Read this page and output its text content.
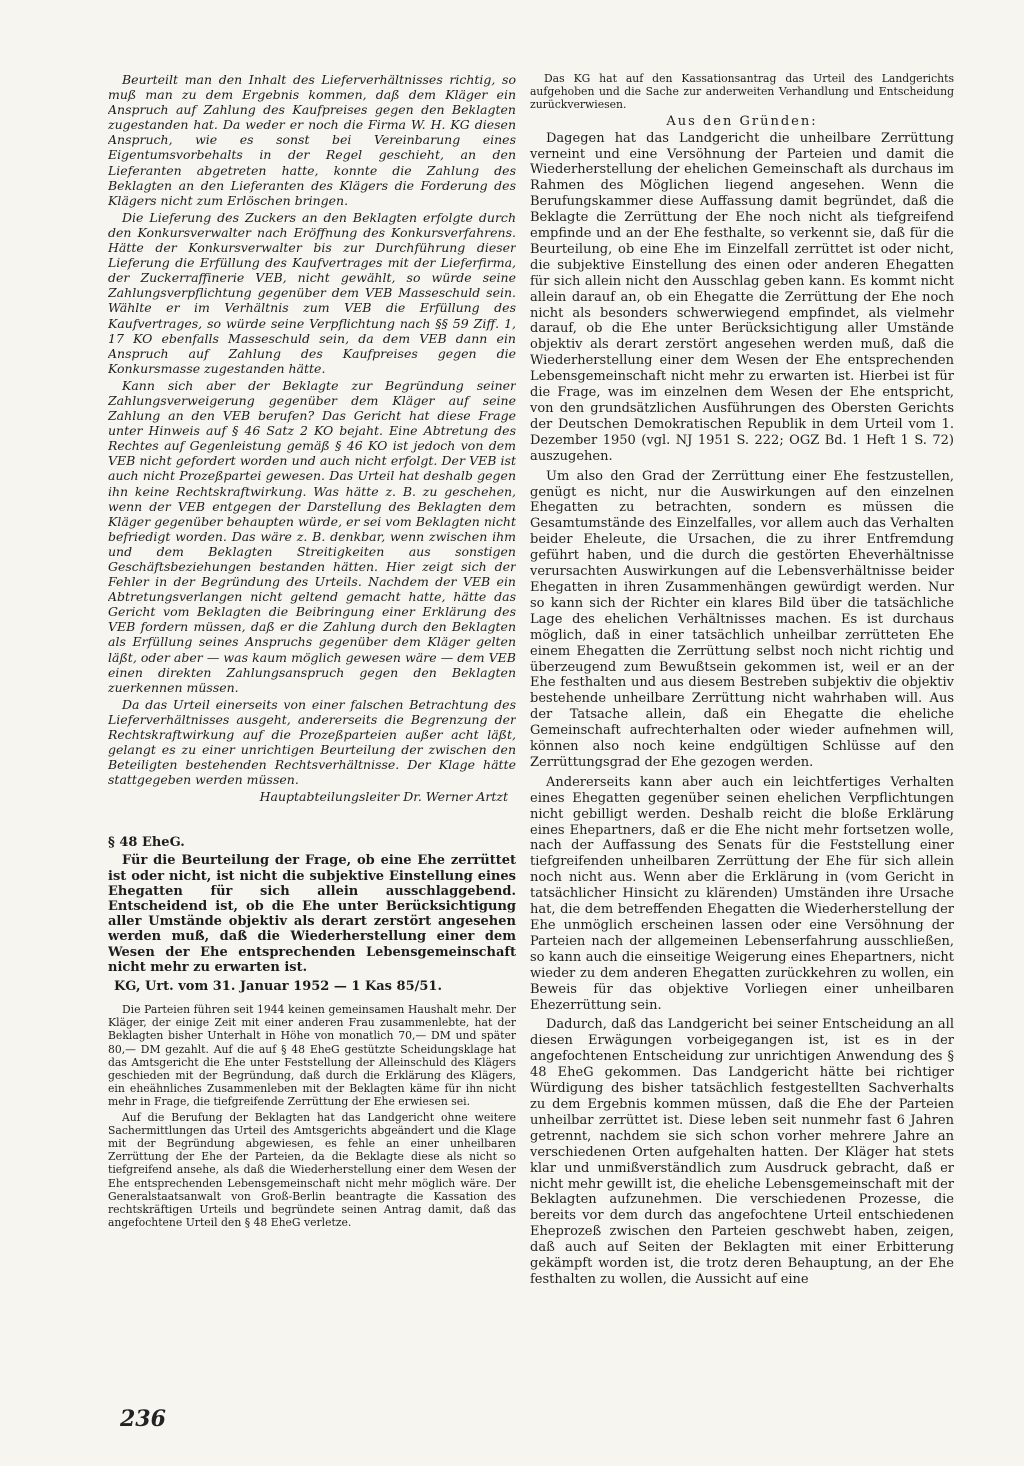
Beurteilt man den Inhalt des Lieferverhältnisses richtig, so muß man zu dem Ergebnis kommen, daß dem Kläger ein Anspruch auf Zahlung des Kaufpreises gegen den Beklagten zugestanden hat. Da weder er noch die Firma W. H. KG diesen Anspruch, wie es sonst bei Vereinbarung eines Eigentumsvorbehalts in der Regel geschieht, an den Lieferanten abgetreten hatte, konnte die Zahlung des Beklagten an den Lieferanten des Klägers die Forderung des Klägers nicht zum Erlöschen bringen.

Die Lieferung des Zuckers an den Beklagten erfolgte durch den Konkursverwalter nach Eröffnung des Konkursverfahrens. Hätte der Konkursverwalter bis zur Durchführung dieser Lieferung die Erfüllung des Kaufvertrages mit der Lieferfirma, der Zuckerraffinerie VEB, nicht gewählt, so würde seine Zahlungsverpflichtung gegenüber dem VEB Masseschuld sein. Wählte er im Verhältnis zum VEB die Erfüllung des Kaufvertrages, so würde seine Verpflichtung nach §§ 59 Ziff. 1, 17 KO ebenfalls Masseschuld sein, da dem VEB dann ein Anspruch auf Zahlung des Kaufpreises gegen die Konkursmasse zugestanden hätte.

Kann sich aber der Beklagte zur Begründung seiner Zahlungsverweigerung gegenüber dem Kläger auf seine Zahlung an den VEB berufen? Das Gericht hat diese Frage unter Hinweis auf § 46 Satz 2 KO bejaht. Eine Abtretung des Rechtes auf Gegenleistung gemäß § 46 KO ist jedoch von dem VEB nicht gefordert worden und auch nicht erfolgt. Der VEB ist auch nicht Prozeßpartei gewesen. Das Urteil hat deshalb gegen ihn keine Rechtskraftwirkung. Was hätte z. B. zu geschehen, wenn der VEB entgegen der Darstellung des Beklagten dem Kläger gegenüber behaupten würde, er sei vom Beklagten nicht befriedigt worden. Das wäre z. B. denkbar, wenn zwischen ihm und dem Beklagten Streitigkeiten aus sonstigen Geschäftsbeziehungen bestanden hätten. Hier zeigt sich der Fehler in der Begründung des Urteils. Nachdem der VEB ein Abtretungsverlangen nicht geltend gemacht hatte, hätte das Gericht vom Beklagten die Beibringung einer Erklärung des VEB fordern müssen, daß er die Zahlung durch den Beklagten als Erfüllung seines Anspruchs gegenüber dem Kläger gelten läßt, oder aber — was kaum möglich gewesen wäre — dem VEB einen direkten Zahlungsanspruch gegen den Beklagten zuerkennen müssen.

Da das Urteil einerseits von einer falschen Betrachtung des Lieferverhältnisses ausgeht, andererseits die Begrenzung der Rechtskraftwirkung auf die Prozeßparteien außer acht läßt, gelangt es zu einer unrichtigen Beurteilung der zwischen den Beteiligten bestehenden Rechtsverhältnisse. Der Klage hätte stattgegeben werden müssen.

Hauptabteilungsleiter Dr. Werner Artzt

§ 48 EheG.

Für die Beurteilung der Frage, ob eine Ehe zerrüttet ist oder nicht, ist nicht die subjektive Einstellung eines Ehegatten für sich allein ausschlaggebend. Entscheidend ist, ob die Ehe unter Berücksichtigung aller Umstände objektiv als derart zerstört angesehen werden muß, daß die Wiederherstellung einer dem Wesen der Ehe entsprechenden Lebensgemeinschaft nicht mehr zu erwarten ist.

KG, Urt. vom 31. Januar 1952 — 1 Kas 85/51.

Die Parteien führen seit 1944 keinen gemeinsamen Haushalt mehr. Der Kläger, der einige Zeit mit einer anderen Frau zusammenlebte, hat der Beklagten bisher Unterhalt in Höhe von monatlich 70,— DM und später 80,— DM gezahlt. Auf die auf § 48 EheG gestützte Scheidungsklage hat das Amtsgericht die Ehe unter Feststellung der Alleinschuld des Klägers geschieden mit der Begründung, daß durch die Erklärung des Klägers, ein eheähnliches Zusammenleben mit der Beklagten käme für ihn nicht mehr in Frage, die tiefgreifende Zerrüttung der Ehe erwiesen sei.

Auf die Berufung der Beklagten hat das Landgericht ohne weitere Sachermittlungen das Urteil des Amtsgerichts abgeändert und die Klage mit der Begründung abgewiesen, es fehle an einer unheilbaren Zerrüttung der Ehe der Parteien, da die Beklagte diese als nicht so tiefgreifend ansehe, als daß die Wiederherstellung einer dem Wesen der Ehe entsprechenden Lebensgemeinschaft nicht mehr möglich wäre. Der Generalstaatsanwalt von Groß-Berlin beantragte die Kassation des rechtskräftigen Urteils und begründete seinen Antrag damit, daß das angefochtene Urteil den § 48 EheG verletze.

Das KG hat auf den Kassationsantrag das Urteil des Landgerichts aufgehoben und die Sache zur anderweiten Verhandlung und Entscheidung zurückverwiesen.

Aus den Gründen:

Dagegen hat das Landgericht die unheilbare Zerrüttung verneint und eine Versöhnung der Parteien und damit die Wiederherstellung der ehelichen Gemeinschaft als durchaus im Rahmen des Möglichen liegend angesehen. Wenn die Berufungskammer diese Auffassung damit begründet, daß die Beklagte die Zerrüttung der Ehe noch nicht als tiefgreifend empfinde und an der Ehe festhalte, so verkennt sie, daß für die Beurteilung, ob eine Ehe im Einzelfall zerrüttet ist oder nicht, die subjektive Einstellung des einen oder anderen Ehegatten für sich allein nicht den Ausschlag geben kann. Es kommt nicht allein darauf an, ob ein Ehegatte die Zerrüttung der Ehe noch nicht als besonders schwerwiegend empfindet, als vielmehr darauf, ob die Ehe unter Berücksichtigung aller Umstände objektiv als derart zerstört angesehen werden muß, daß die Wiederherstellung einer dem Wesen der Ehe entsprechenden Lebensgemeinschaft nicht mehr zu erwarten ist. Hierbei ist für die Frage, was im einzelnen dem Wesen der Ehe entspricht, von den grundsätzlichen Ausführungen des Obersten Gerichts der Deutschen Demokratischen Republik in dem Urteil vom 1. Dezember 1950 (vgl. NJ 1951 S. 222; OGZ Bd. 1 Heft 1 S. 72) auszugehen.

Um also den Grad der Zerrüttung einer Ehe festzustellen, genügt es nicht, nur die Auswirkungen auf den einzelnen Ehegatten zu betrachten, sondern es müssen die Gesamtumstände des Einzelfalles, vor allem auch das Verhalten beider Eheleute, die Ursachen, die zu ihrer Entfremdung geführt haben, und die durch die gestörten Eheverhältnisse verursachten Auswirkungen auf die Lebensverhältnisse beider Ehegatten in ihren Zusammenhängen gewürdigt werden. Nur so kann sich der Richter ein klares Bild über die tatsächliche Lage des ehelichen Verhältnisses machen. Es ist durchaus möglich, daß in einer tatsächlich unheilbar zerrütteten Ehe einem Ehegatten die Zerrüttung selbst noch nicht richtig und überzeugend zum Bewußtsein gekommen ist, weil er an der Ehe festhalten und aus diesem Bestreben subjektiv die objektiv bestehende unheilbare Zerrüttung nicht wahrhaben will. Aus der Tatsache allein, daß ein Ehegatte die eheliche Gemeinschaft aufrechterhalten oder wieder aufnehmen will, können also noch keine endgültigen Schlüsse auf den Zerrüttungsgrad der Ehe gezogen werden.

Andererseits kann aber auch ein leichtfertiges Verhalten eines Ehegatten gegenüber seinen ehelichen Verpflichtungen nicht gebilligt werden. Deshalb reicht die bloße Erklärung eines Ehepartners, daß er die Ehe nicht mehr fortsetzen wolle, nach der Auffassung des Senats für die Feststellung einer tiefgreifenden unheilbaren Zerrüttung der Ehe für sich allein noch nicht aus. Wenn aber die Erklärung in (vom Gericht in tatsächlicher Hinsicht zu klärenden) Umständen ihre Ursache hat, die dem betreffenden Ehegatten die Wiederherstellung der Ehe unmöglich erscheinen lassen oder eine Versöhnung der Parteien nach der allgemeinen Lebenserfahrung ausschließen, so kann auch die einseitige Weigerung eines Ehepartners, nicht wieder zu dem anderen Ehegatten zurückkehren zu wollen, ein Beweis für das objektive Vorliegen einer unheilbaren Ehezerrüttung sein.

Dadurch, daß das Landgericht bei seiner Entscheidung an all diesen Erwägungen vorbeigegangen ist, ist es in der angefochtenen Entscheidung zur unrichtigen Anwendung des § 48 EheG gekommen. Das Landgericht hätte bei richtiger Würdigung des bisher tatsächlich festgestellten Sachverhalts zu dem Ergebnis kommen müssen, daß die Ehe der Parteien unheilbar zerrüttet ist. Diese leben seit nunmehr fast 6 Jahren getrennt, nachdem sie sich schon vorher mehrere Jahre an verschiedenen Orten aufgehalten hatten. Der Kläger hat stets klar und unmißverständlich zum Ausdruck gebracht, daß er nicht mehr gewillt ist, die eheliche Lebensgemeinschaft mit der Beklagten aufzunehmen. Die verschiedenen Prozesse, die bereits vor dem durch das angefochtene Urteil entschiedenen Eheprozeß zwischen den Parteien geschwebt haben, zeigen, daß auch auf Seiten der Beklagten mit einer Erbitterung gekämpft worden ist, die trotz deren Behauptung, an der Ehe festhalten zu wollen, die Aussicht auf eine

236
